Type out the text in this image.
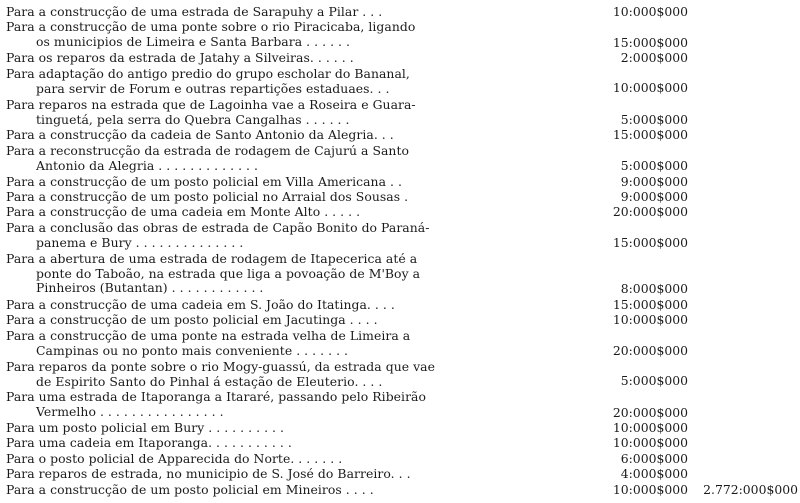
Para a construcção de uma estrada de Sarapuhy a Pilar . . .	10:000$000
Para a construcção de uma ponte sobre o rio Piracicaba, ligando
os municipios de Limeira e Santa Barbara . . . . . .	15:000$000
Para os reparos da estrada de Jatahy a Silveiras. . . . . .	2:000$000
Para adaptação do antigo predio do grupo escholar do Bananal,
para servir de Forum e outras repartições estaduaes. . .	10:000$000
Para reparos na estrada que de Lagoinha vae a Roseira e Guara-
tinguetá, pela serra do Quebra Cangalhas . . . . . .	5:000$000
Para a construcção da cadeia de Santo Antonio da Alegria. . .	15:000$000
Para a reconstrucção da estrada de rodagem de Cajurú a Santo
Antonio da Alegria . . . . . . . . . . . . .	5:000$000
Para a construcção de um posto policial em Villa Americana . .	9:000$000
Para a construcção de um posto policial no Arraial dos Sousas .	9:000$000
Para a construcção de uma cadeia em Monte Alto . . . . .	20:000$000
Para a conclusão das obras de estrada de Capão Bonito do Paraná-
panema e Bury . . . . . . . . . . . . . .	15:000$000
Para a abertura de uma estrada de rodagem de Itapecerica até a
ponte do Taboão, na estrada que liga a povoação de M'Boy a
Pinheiros (Butantan) . . . . . . . . . . . .	8:000$000
Para a construcção de uma cadeia em S. João do Itatinga. . . .	15:000$000
Para a construcção de um posto policial em Jacutinga . . . .	10:000$000
Para a construcção de uma ponte na estrada velha de Limeira a
Campinas ou no ponto mais conveniente . . . . . . .	20:000$000
Para reparos da ponte sobre o rio Mogy-guassú, da estrada que vae
de Espirito Santo do Pinhal á estação de Eleuterio. . . .	5:000$000
Para uma estrada de Itaporanga a Itararé, passando pelo Ribeirão
Vermelho . . . . . . . . . . . . . . . .	20:000$000
Para um posto policial em Bury . . . . . . . . . .	10:000$000
Para uma cadeia em Itaporanga. . . . . . . . . . .	10:000$000
Para o posto policial de Apparecida do Norte. . . . . . .	6:000$000
Para reparos de estrada, no municipio de S. José do Barreiro. . .	4:000$000
Para a construcção de um posto policial em Mineiros . . . .	10:000$000 2.772:000$000
